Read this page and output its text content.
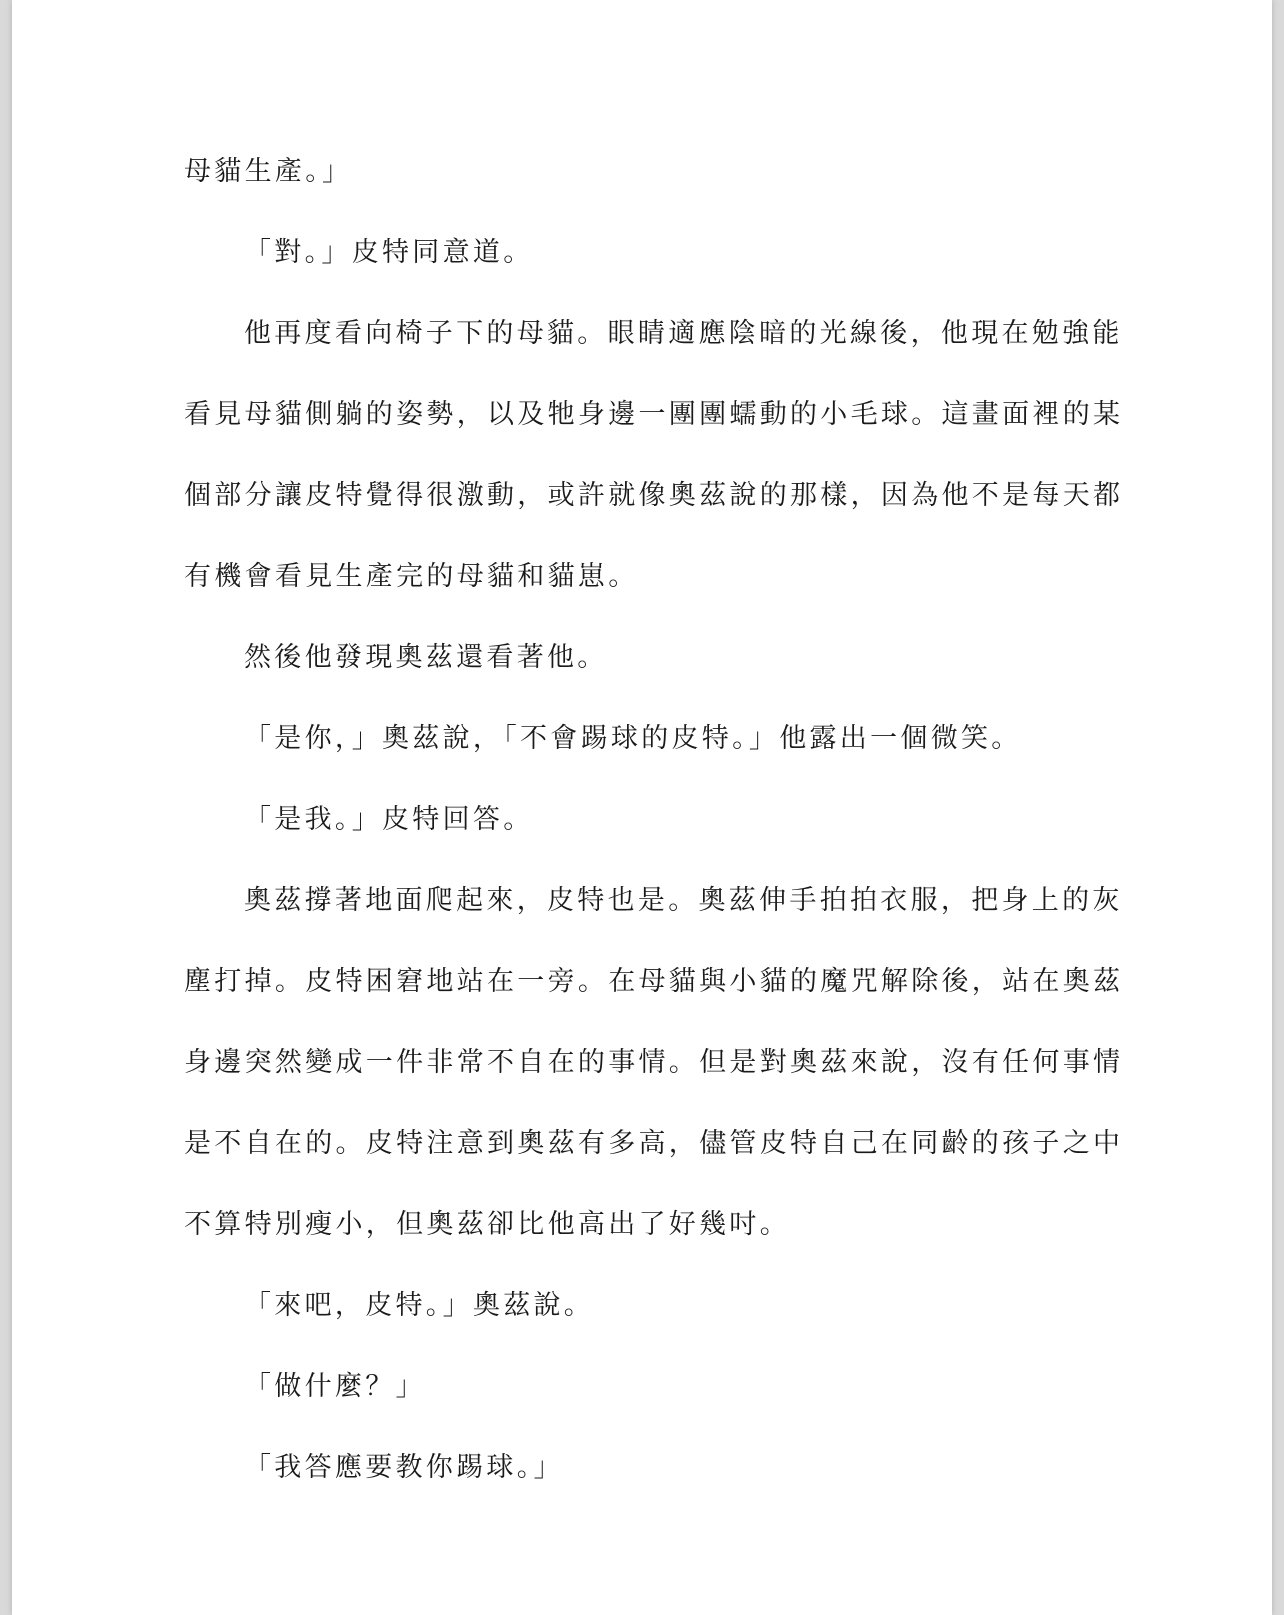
母貓生產。」
「對。」皮特同意道。
他再度看向椅子下的母貓。眼睛適應陰暗的光線後，他現在勉強能
看見母貓側躺的姿勢，以及牠身邊一團團蠕動的小毛球。這畫面裡的某
個部分讓皮特覺得很激動，或許就像奧茲說的那樣，因為他不是每天都
有機會看見生產完的母貓和貓崽。
然後他發現奧茲還看著他。
「是你，」奧茲說，「不會踢球的皮特。」他露出一個微笑。
「是我。」皮特回答。
奧茲撐著地面爬起來，皮特也是。奧茲伸手拍拍衣服，把身上的灰
塵打掉。皮特困窘地站在一旁。在母貓與小貓的魔咒解除後，站在奧茲
身邊突然變成一件非常不自在的事情。但是對奧茲來說，沒有任何事情
是不自在的。皮特注意到奧茲有多高，儘管皮特自己在同齡的孩子之中
不算特別瘦小，但奧茲卻比他高出了好幾吋。
「來吧，皮特。」奧茲說。
「做什麼？」
「我答應要教你踢球。」
